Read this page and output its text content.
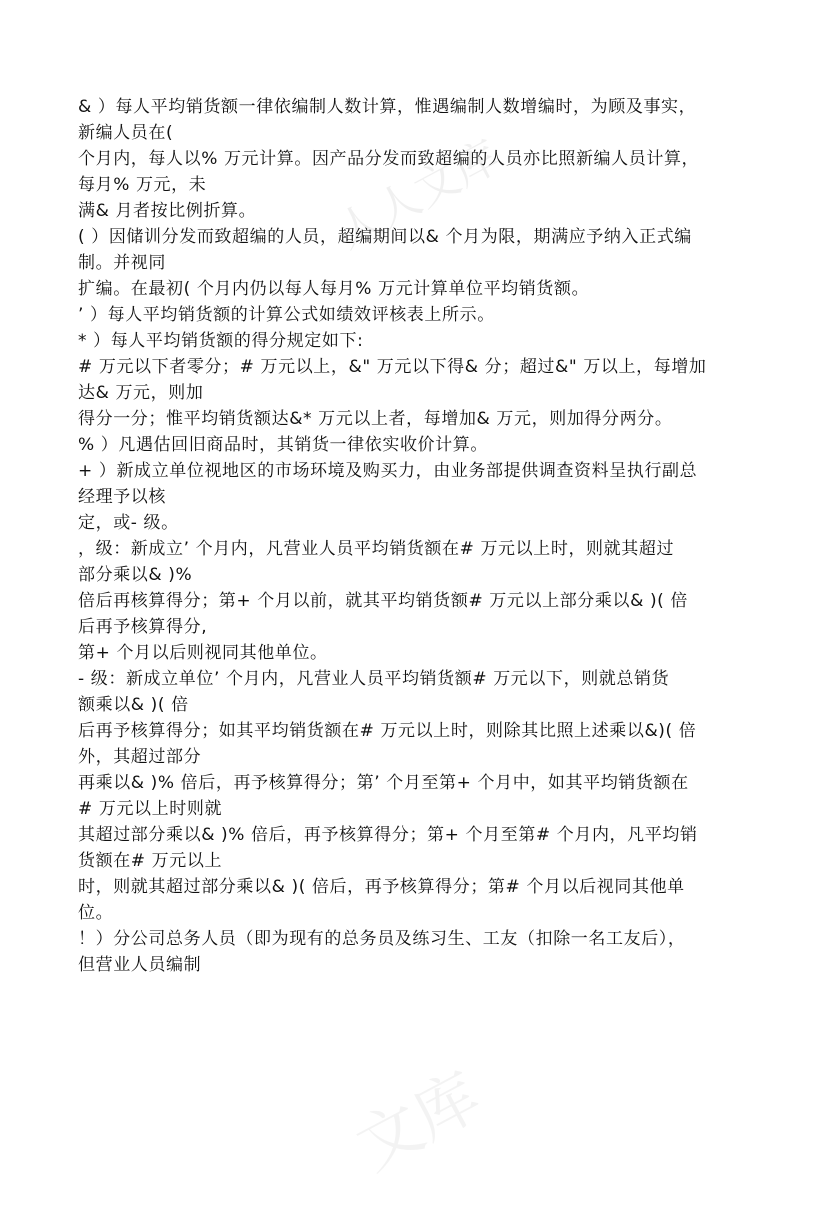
人人文库
文库
& ）每人平均销货额一律依编制人数计算，惟遇编制人数增编时，为顾及事实，
新编人员在(
个月内，每人以% 万元计算。因产品分发而致超编的人员亦比照新编人员计算，
每月% 万元，未
满& 月者按比例折算。
( ）因储训分发而致超编的人员，超编期间以& 个月为限，期满应予纳入正式编
制。并视同
扩编。在最初( 个月内仍以每人每月% 万元计算单位平均销货额。
’ ）每人平均销货额的计算公式如绩效评核表上所示。
* ）每人平均销货额的得分规定如下:
# 万元以下者零分；# 万元以上，&" 万元以下得& 分；超过&" 万以上，每增加
达& 万元，则加
得分一分；惟平均销货额达&* 万元以上者，每增加& 万元，则加得分两分。
% ）凡遇估回旧商品时，其销货一律依实收价计算。
+ ）新成立单位视地区的市场环境及购买力，由业务部提供调查资料呈执行副总
经理予以核
定，或- 级。
，级：新成立’ 个月内，凡营业人员平均销货额在# 万元以上时，则就其超过
部分乘以& )%
倍后再核算得分；第+ 个月以前，就其平均销货额# 万元以上部分乘以& )( 倍
后再予核算得分,
第+ 个月以后则视同其他单位。
- 级：新成立单位’ 个月内，凡营业人员平均销货额# 万元以下，则就总销货
额乘以& )( 倍
后再予核算得分；如其平均销货额在# 万元以上时，则除其比照上述乘以&)( 倍
外，其超过部分
再乘以& )% 倍后，再予核算得分；第’ 个月至第+ 个月中，如其平均销货额在
# 万元以上时则就
其超过部分乘以& )% 倍后，再予核算得分；第+ 个月至第# 个月内，凡平均销
货额在# 万元以上
时，则就其超过部分乘以& )( 倍后，再予核算得分；第# 个月以后视同其他单
位。
！）分公司总务人员（即为现有的总务员及练习生、工友（扣除一名工友后），
但营业人员编制
